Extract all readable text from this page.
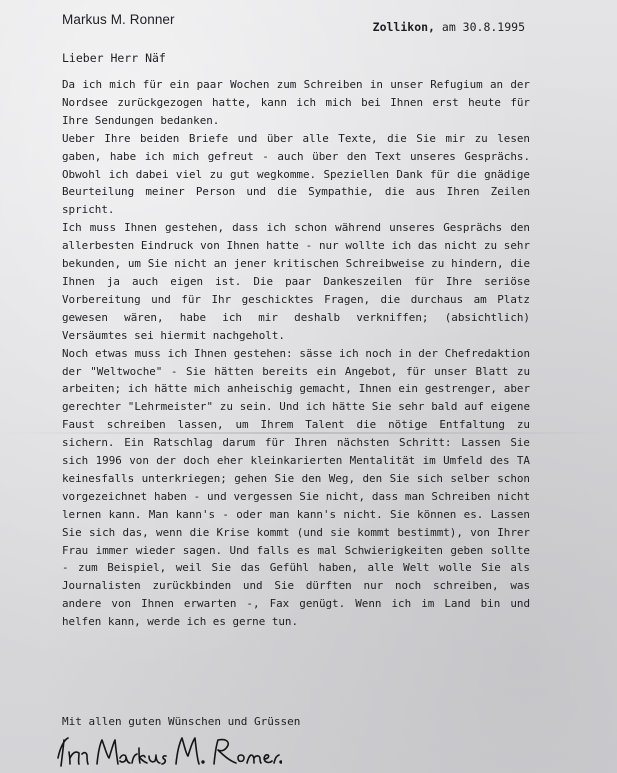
Markus M. Ronner	Zollikon, am 30.8.1995
Lieber Herr Näf

Da ich mich für ein paar Wochen zum Schreiben in unser Refugium an der Nordsee zurückgezogen hatte, kann ich mich bei Ihnen erst heute für Ihre Sendungen bedanken.

Ueber Ihre beiden Briefe und über alle Texte, die Sie mir zu lesen gaben, habe ich mich gefreut - auch über den Text unseres Gesprächs. Obwohl ich dabei viel zu gut wegkomme. Speziellen Dank für die gnädige Beurteilung meiner Person und die Sympathie, die aus Ihren Zeilen spricht.

Ich muss Ihnen gestehen, dass ich schon während unseres Gesprächs den allerbesten Eindruck von Ihnen hatte - nur wollte ich das nicht zu sehr bekunden, um Sie nicht an jener kritischen Schreibweise zu hindern, die Ihnen ja auch eigen ist. Die paar Dankeszeilen für Ihre seriöse Vorbereitung und für Ihr geschicktes Fragen, die durchaus am Platz gewesen wären, habe ich mir deshalb verkniffen; (absichtlich) Versäumtes sei hiermit nachgeholt.

Noch etwas muss ich Ihnen gestehen: sässe ich noch in der Chefredaktion der "Weltwoche" - Sie hätten bereits ein Angebot, für unser Blatt zu arbeiten; ich hätte mich anheischig gemacht, Ihnen ein gestrenger, aber gerechter "Lehrmeister" zu sein. Und ich hätte Sie sehr bald auf eigene Faust schreiben lassen, um Ihrem Talent die nötige Entfaltung zu sichern. Ein Ratschlag darum für Ihren nächsten Schritt: Lassen Sie sich 1996 von der doch eher kleinkarierten Mentalität im Umfeld des TA keinesfalls unterkriegen; gehen Sie den Weg, den Sie sich selber schon vorgezeichnet haben - und vergessen Sie nicht, dass man Schreiben nicht lernen kann. Man kann's - oder man kann's nicht. Sie können es. Lassen Sie sich das, wenn die Krise kommt (und sie kommt bestimmt), von Ihrer Frau immer wieder sagen. Und falls es mal Schwierigkeiten geben sollte - zum Beispiel, weil Sie das Gefühl haben, alle Welt wolle Sie als Journalisten zurückbinden und Sie dürften nur noch schreiben, was andere von Ihnen erwarten -, Fax genügt. Wenn ich im Land bin und helfen kann, werde ich es gerne tun.

Mit allen guten Wünschen und Grüssen
